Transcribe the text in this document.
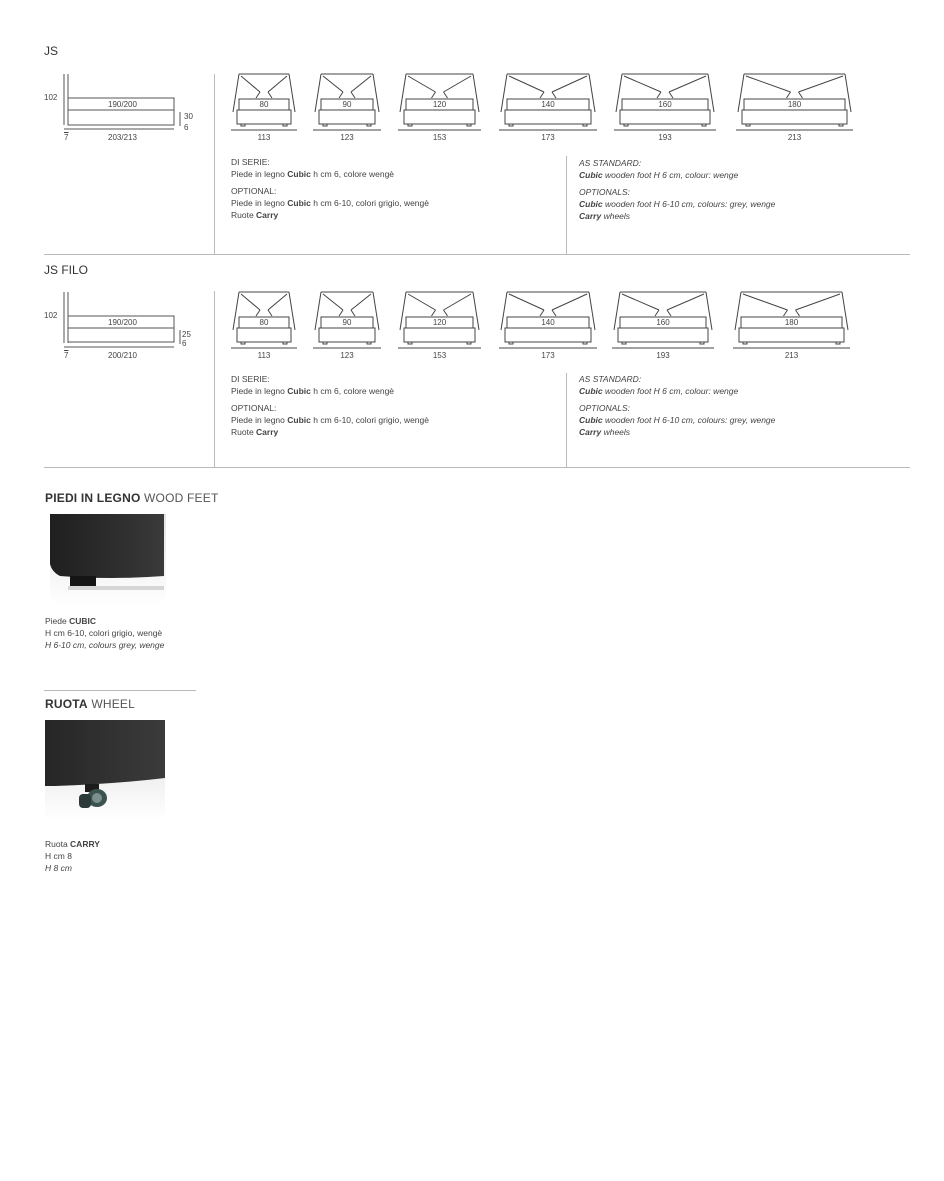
JS
102
190/200
30
6
7	203/213
80
113
90
123
120
153
140
173
160
193
180
213

DI SERIE:

Piede in legno Cubic h cm 6, colore wengè

OPTIONAL:

Piede in legno Cubic h cm 6-10, colori grigio, wengè

Ruote Carry

AS STANDARD:

Cubic wooden foot H 6 cm, colour: wenge

OPTIONALS:

Cubic wooden foot H 6-10 cm, colours: grey, wenge

Carry wheels

JS FILO
102
190/200
25
6
7	200/210
80
113
90
123
120
153
140
173
160
193
180
213

DI SERIE:

Piede in legno Cubic h cm 6, colore wengè

OPTIONAL:

Piede in legno Cubic h cm 6-10, colori grigio, wengè

Ruote Carry

AS STANDARD:

Cubic wooden foot H 6 cm, colour: wenge

OPTIONALS:

Cubic wooden foot H 6-10 cm, colours: grey, wenge

Carry wheels

PIEDI IN LEGNO WOOD FEET

Piede CUBIC

H cm 6-10, colori grigio, wengè

H 6-10 cm, colours grey, wenge

RUOTA WHEEL

Ruota CARRY

H cm 8

H 8 cm
